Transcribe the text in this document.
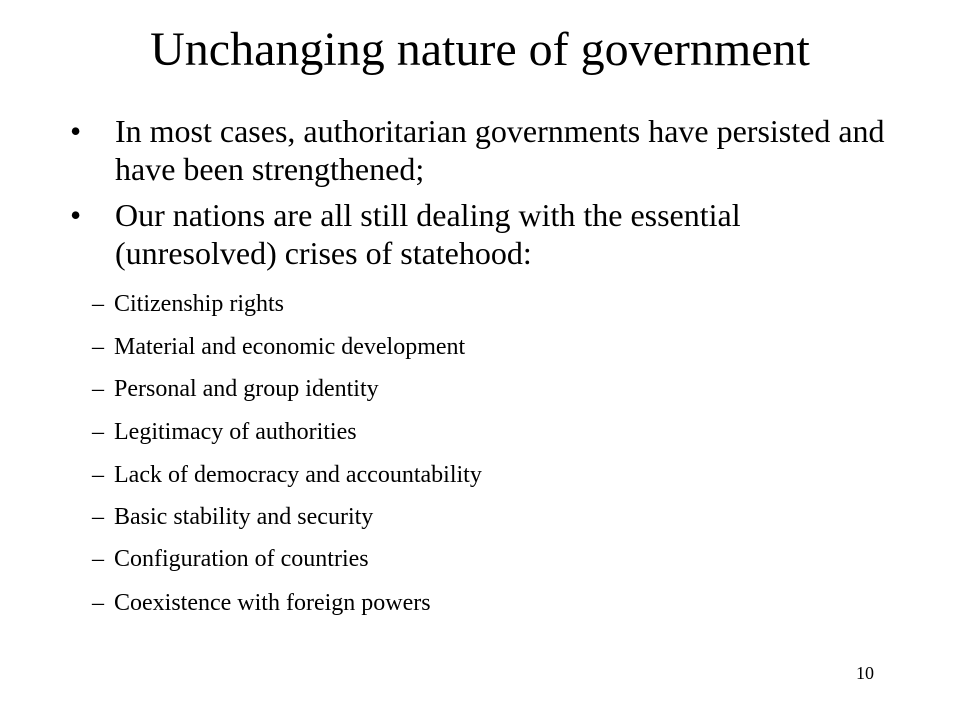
Unchanging nature of government
•	In most cases, authoritarian governments have persisted and have been strengthened;
•	Our nations are all still dealing with the essential (unresolved) crises of statehood:
– Citizenship rights
– Material and economic development
– Personal and group identity
– Legitimacy of authorities
– Lack of democracy and accountability
– Basic stability and security
– Configuration of countries
– Coexistence with foreign powers
10
